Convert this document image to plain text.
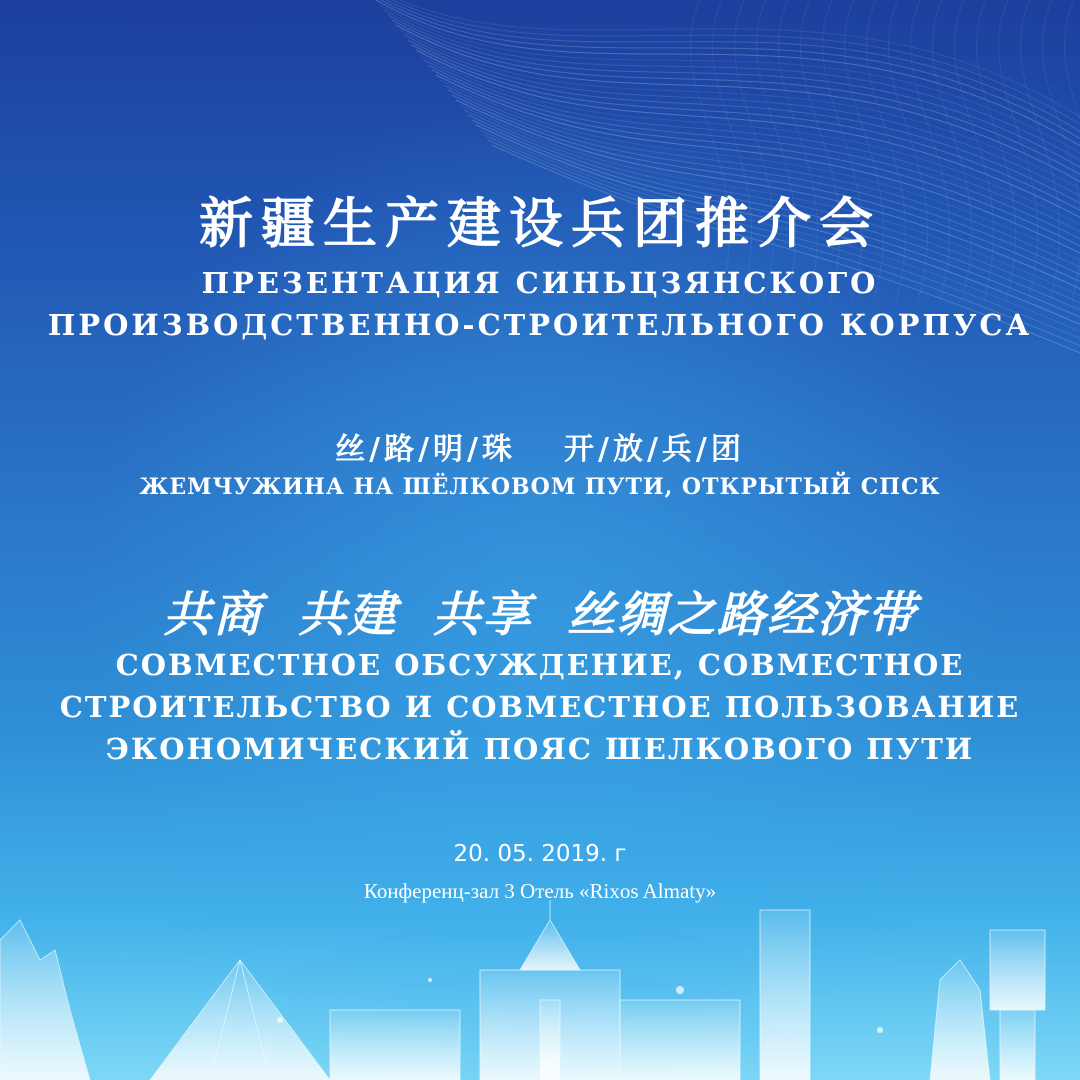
新疆生产建设兵团推介会
ПРЕЗЕНТАЦИЯ СИНЬЦЗЯНСКОГО
ПРОИЗВОДСТВЕННО-СТРОИТЕЛЬНОГО КОРПУСА
丝/路/明/珠 开/放/兵/团
ЖЕМЧУЖИНА НА ШЁЛКОВОМ ПУТИ, ОТКРЫТЫЙ СПСК
共商 共建 共享 丝绸之路经济带
СОВМЕСТНОЕ ОБСУЖДЕНИЕ, СОВМЕСТНОЕ
СТРОИТЕЛЬСТВО И СОВМЕСТНОЕ ПОЛЬЗОВАНИЕ
ЭКОНОМИЧЕСКИЙ ПОЯС ШЕЛКОВОГО ПУТИ
20. 05. 2019. г
Конференц-зал 3 Отель «Rixos Almaty»
